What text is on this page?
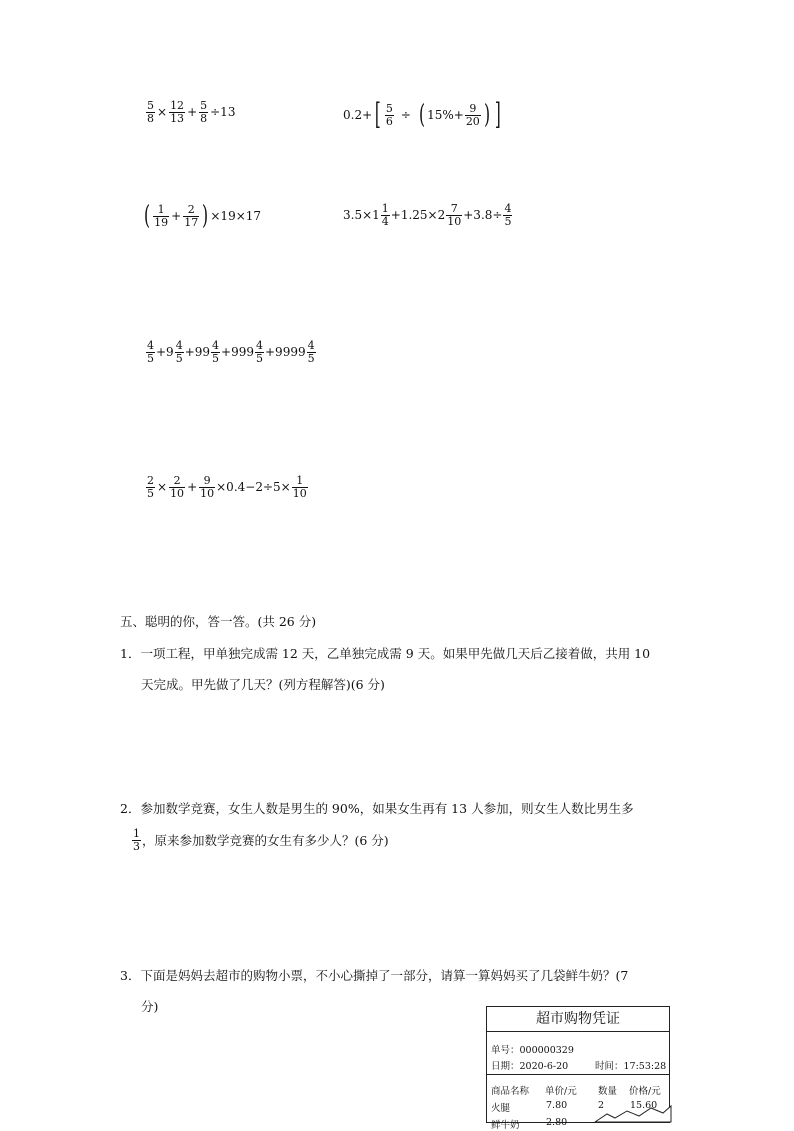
$\frac{5}{8} \times \frac{12}{13} + \frac{5}{8} \div 13$	0.2+ [ $\frac{5}{6}$ ÷ ( $15\%+ \frac{9}{20}$ ) ]
( $\frac{1}{19} + \frac{2}{17}$ ) ×19×17	$3.5\times 1 \frac{1}{4} +1.25\times 2 \frac{7}{10} +3.8\div \frac{4}{5}$
$\frac{4}{5} +9 \frac{4}{5} +99 \frac{4}{5} +999 \frac{4}{5} +9999 \frac{4}{5}$
$\frac{2}{5} \times \frac{2}{10} + \frac{9}{10} \times 0.4-2\div 5\times \frac{1}{10}$
五、聪明的你，答一答。(共 26 分)
1．一项工程，甲单独完成需 12 天，乙单独完成需 9 天。如果甲先做几天后乙接着做，共用 10
天完成。甲先做了几天？(列方程解答)(6 分)
2．参加数学竞赛，女生人数是男生的 90%，如果女生再有 13 人参加，则女生人数比男生多
$\frac{1}{3}$ ，原来参加数学竞赛的女生有多少人？(6 分)
3．下面是妈妈去超市的购物小票，不小心撕掉了一部分，请算一算妈妈买了几袋鲜牛奶？(7
分)
超市购物凭证
单号：000000329
日期：2020-6-20	时间：17:53:28
商品名称 单价/元 数量 价格/元
火腿	7.80	2	15.60
鲜牛奶	2.80
